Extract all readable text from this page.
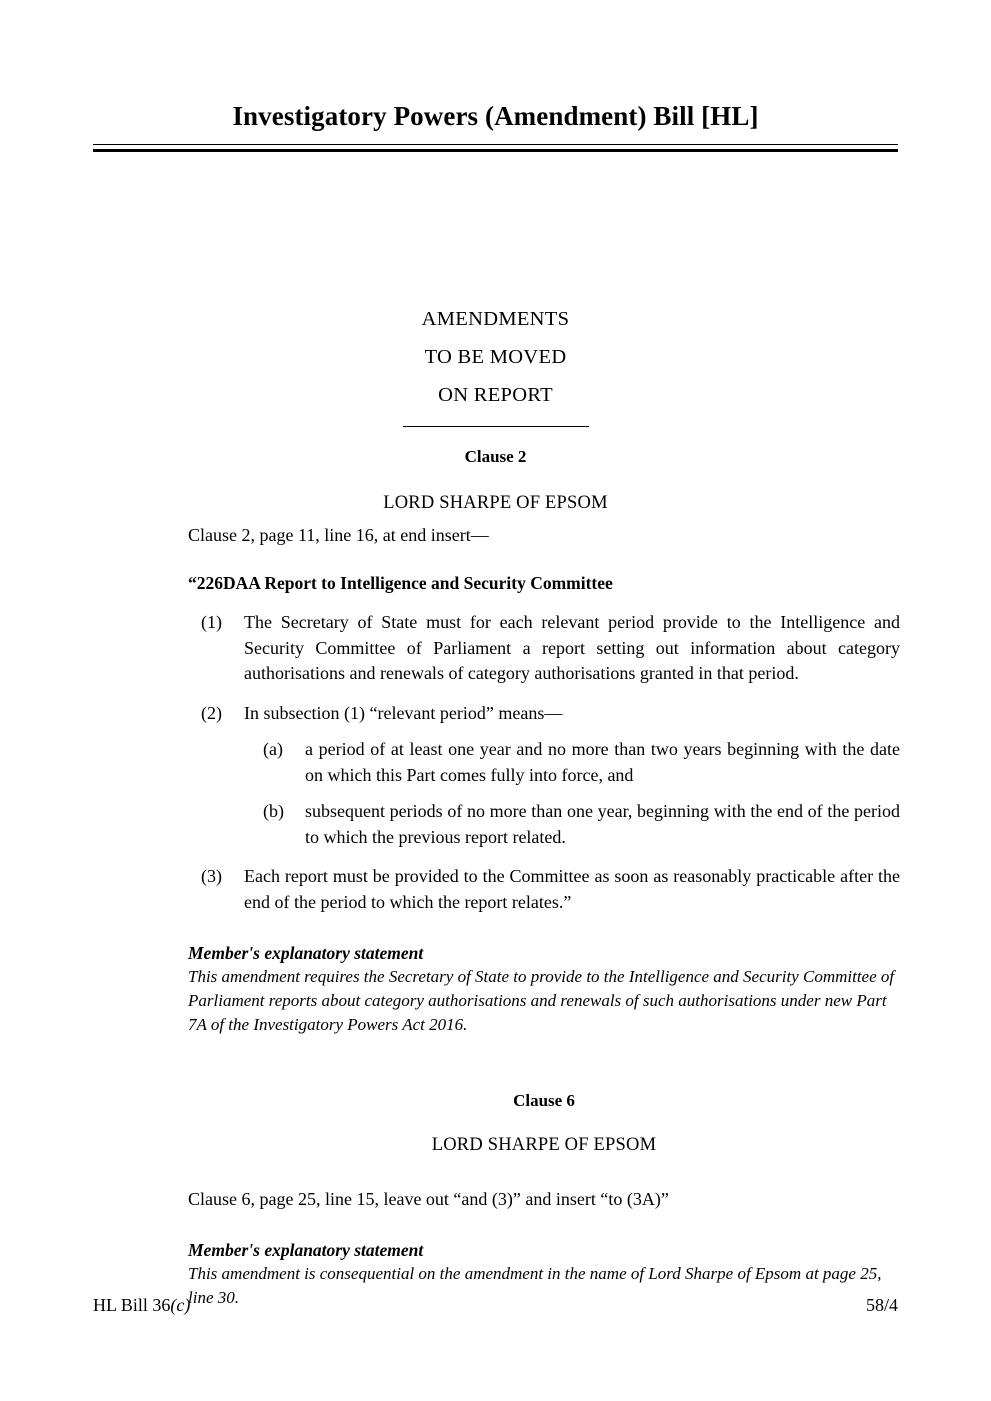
Investigatory Powers (Amendment) Bill [HL]
AMENDMENTS
TO BE MOVED
ON REPORT
Clause 2
LORD SHARPE OF EPSOM
Clause 2, page 11, line 16, at end insert—
“226DAA Report to Intelligence and Security Committee
(1)	The Secretary of State must for each relevant period provide to the Intelligence and Security Committee of Parliament a report setting out information about category authorisations and renewals of category authorisations granted in that period.
(2)	In subsection (1) “relevant period” means—
(a)	a period of at least one year and no more than two years beginning with the date on which this Part comes fully into force, and
(b)	subsequent periods of no more than one year, beginning with the end of the period to which the previous report related.
(3)	Each report must be provided to the Committee as soon as reasonably practicable after the end of the period to which the report relates.”
Member's explanatory statement
This amendment requires the Secretary of State to provide to the Intelligence and Security Committee of Parliament reports about category authorisations and renewals of such authorisations under new Part 7A of the Investigatory Powers Act 2016.
Clause 6
LORD SHARPE OF EPSOM
Clause 6, page 25, line 15, leave out “and (3)” and insert “to (3A)”
Member's explanatory statement
This amendment is consequential on the amendment in the name of Lord Sharpe of Epsom at page 25, line 30.
HL Bill 36(c)	58/4
